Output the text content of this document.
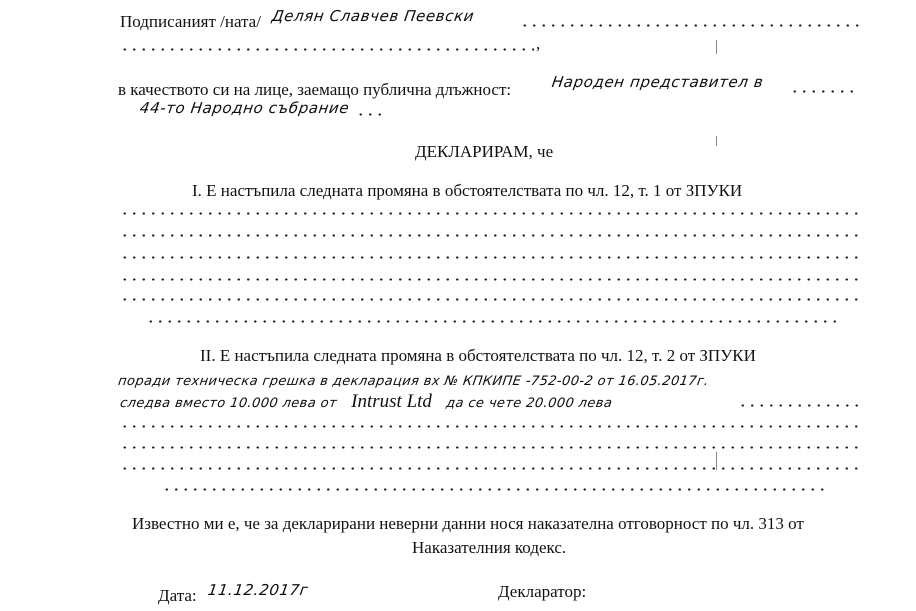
Подписаният /ната/ Делян Славчев Пеевски
,
в качеството си на лице, заемащо публична длъжност:	Народен представител в
44-то Народно събрание
ДЕКЛАРИРАМ, че
I. Е настъпила следната промяна в обстоятелствата по чл. 12, т. 1 от ЗПУКИ
II. Е настъпила следната промяна в обстоятелствата по чл. 12, т. 2 от ЗПУКИ
поради техническа грешка в декларация вх № КПКИПЕ -752-00-2 от 16.05.2017г.
следва вместо 10.000 лева от Intrust Ltd да се чете 20.000 лева
Известно ми е, че за декларирани неверни данни нося наказателна отговорност по чл. 313 от
Наказателния кодекс.
Дата: 11.12.2017г	Декларатор:
